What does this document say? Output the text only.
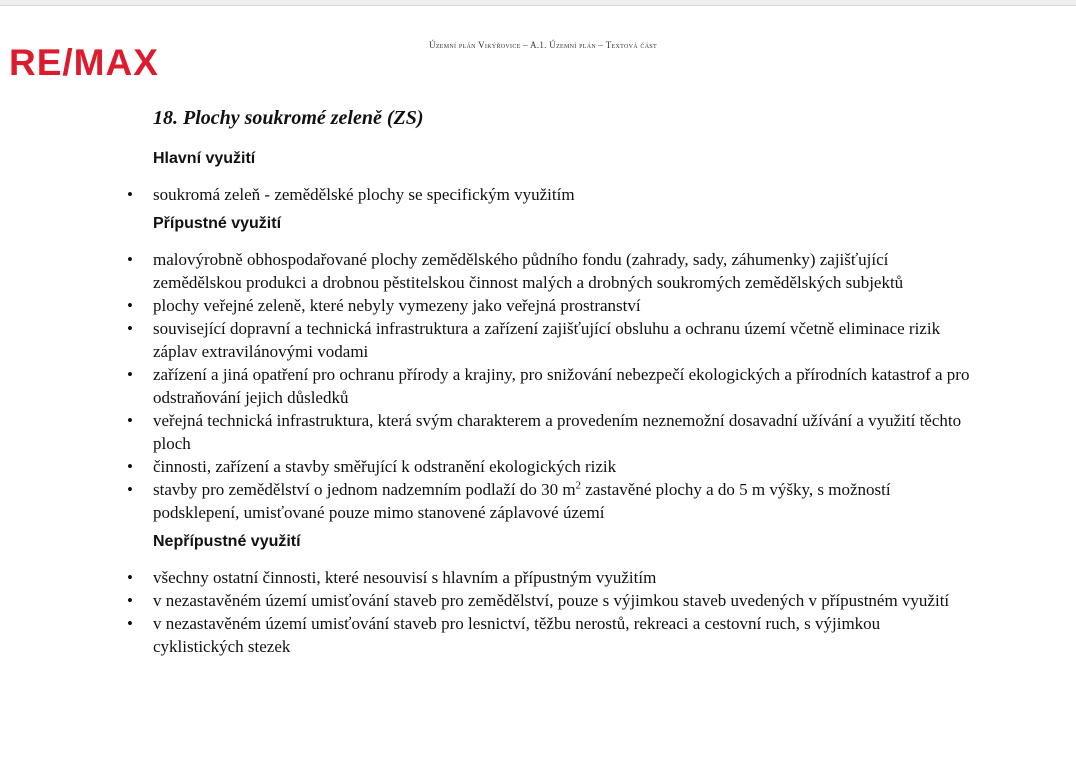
RE/MAX	Územní plán Vikýřovice – A.1. Územní plán – Textová část
18. Plochy soukromé zeleně (ZS)
Hlavní využití
• soukromá zeleň - zemědělské plochy se specifickým využitím
Přípustné využití
• malovýrobně obhospodařované plochy zemědělského půdního fondu (zahrady, sady, záhumenky) zajišťující zemědělskou produkci a drobnou pěstitelskou činnost malých a drobných soukromých zemědělských subjektů
• plochy veřejné zeleně, které nebyly vymezeny jako veřejná prostranství
• související dopravní a technická infrastruktura a zařízení zajišťující obsluhu a ochranu území včetně eliminace rizik záplav extravilánovými vodami
• zařízení a jiná opatření pro ochranu přírody a krajiny, pro snižování nebezpečí ekologických a přírodních katastrof a pro odstraňování jejich důsledků
• veřejná technická infrastruktura, která svým charakterem a provedením neznemožní dosavadní užívání a využití těchto ploch
• činnosti, zařízení a stavby směřující k odstranění ekologických rizik
• stavby pro zemědělství o jednom nadzemním podlaží do 30 $m^2$ zastavěné plochy a do 5 m výšky, s možností podsklepení, umisťované pouze mimo stanovené záplavové území
Nepřípustné využití
• všechny ostatní činnosti, které nesouvisí s hlavním a přípustným využitím
• v nezastavěném území umisťování staveb pro zemědělství, pouze s výjimkou staveb uvedených v přípustném využití
• v nezastavěném území umisťování staveb pro lesnictví, těžbu nerostů, rekreaci a cestovní ruch, s výjimkou cyklistických stezek
